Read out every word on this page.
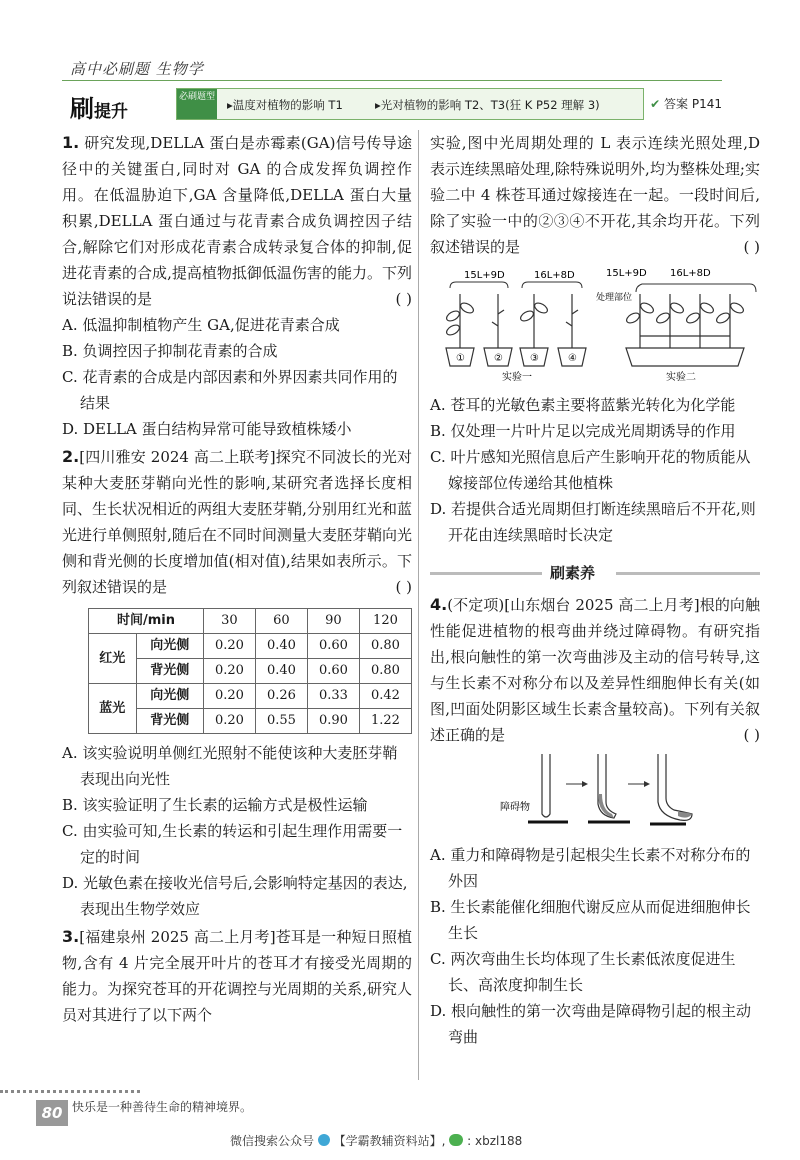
高中必刷题 生物学
刷提升
必刷题型
▸温度对植物的影响 T1	▸光对植物的影响 T2、T3(狂 K P52 理解 3)	✔ 答案 P141
1. 研究发现,DELLA 蛋白是赤霉素(GA)信号传导途径中的关键蛋白,同时对 GA 的合成发挥负调控作用。在低温胁迫下,GA 含量降低,DELLA 蛋白大量积累,DELLA 蛋白通过与花青素合成负调控因子结合,解除它们对形成花青素合成转录复合体的抑制,促进花青素的合成,提高植物抵御低温伤害的能力。下列说法错误的是	( )
A. 低温抑制植物产生 GA,促进花青素合成
B. 负调控因子抑制花青素的合成
C. 花青素的合成是内部因素和外界因素共同作用的结果
D. DELLA 蛋白结构异常可能导致植株矮小
2.[四川雅安 2024 高二上联考]探究不同波长的光对某种大麦胚芽鞘向光性的影响,某研究者选择长度相同、生长状况相近的两组大麦胚芽鞘,分别用红光和蓝光进行单侧照射,随后在不同时间测量大麦胚芽鞘向光侧和背光侧的长度增加值(相对值),结果如表所示。下列叙述错误的是	( )
时间/min		30	60	90	120
红光	向光侧	0.20	0.40	0.60	0.80
	背光侧	0.20	0.40	0.60	0.80
蓝光	向光侧	0.20	0.26	0.33	0.42
	背光侧	0.20	0.55	0.90	1.22
A. 该实验说明单侧红光照射不能使该种大麦胚芽鞘表现出向光性
B. 该实验证明了生长素的运输方式是极性运输
C. 由实验可知,生长素的转运和引起生理作用需要一定的时间
D. 光敏色素在接收光信号后,会影响特定基因的表达,表现出生物学效应
3.[福建泉州 2025 高二上月考]苍耳是一种短日照植物,含有 4 片完全展开叶片的苍耳才有接受光周期的能力。为探究苍耳的开花调控与光周期的关系,研究人员对其进行了以下两个
实验,图中光周期处理的 L 表示连续光照处理,D 表示连续黑暗处理,除特殊说明外,均为整株处理;实验二中 4 株苍耳通过嫁接连在一起。一段时间后,除了实验一中的②③④不开花,其余均开花。下列叙述错误的是	( )
15L+9D	16L+8D
①	②	③	④
实验一
15L+9D 16L+8D
处理部位
实验二
A. 苍耳的光敏色素主要将蓝紫光转化为化学能
B. 仅处理一片叶片足以完成光周期诱导的作用
C. 叶片感知光照信息后产生影响开花的物质能从嫁接部位传递给其他植株
D. 若提供合适光周期但打断连续黑暗后不开花,则开花由连续黑暗时长决定
刷素养
4.(不定项)[山东烟台 2025 高二上月考]根的向触性能促进植物的根弯曲并绕过障碍物。有研究指出,根向触性的第一次弯曲涉及主动的信号转导,这与生长素不对称分布以及差异性细胞伸长有关(如图,凹面处阴影区域生长素含量较高)。下列有关叙述正确的是	( )
障碍物
A. 重力和障碍物是引起根尖生长素不对称分布的外因
B. 生长素能催化细胞代谢反应从而促进细胞伸长生长
C. 两次弯曲生长均体现了生长素低浓度促进生长、高浓度抑制生长
D. 根向触性的第一次弯曲是障碍物引起的根主动弯曲
80 快乐是一种善待生命的精神境界。
微信搜索公众号 【学霸教辅资料站】, : xbzl188
